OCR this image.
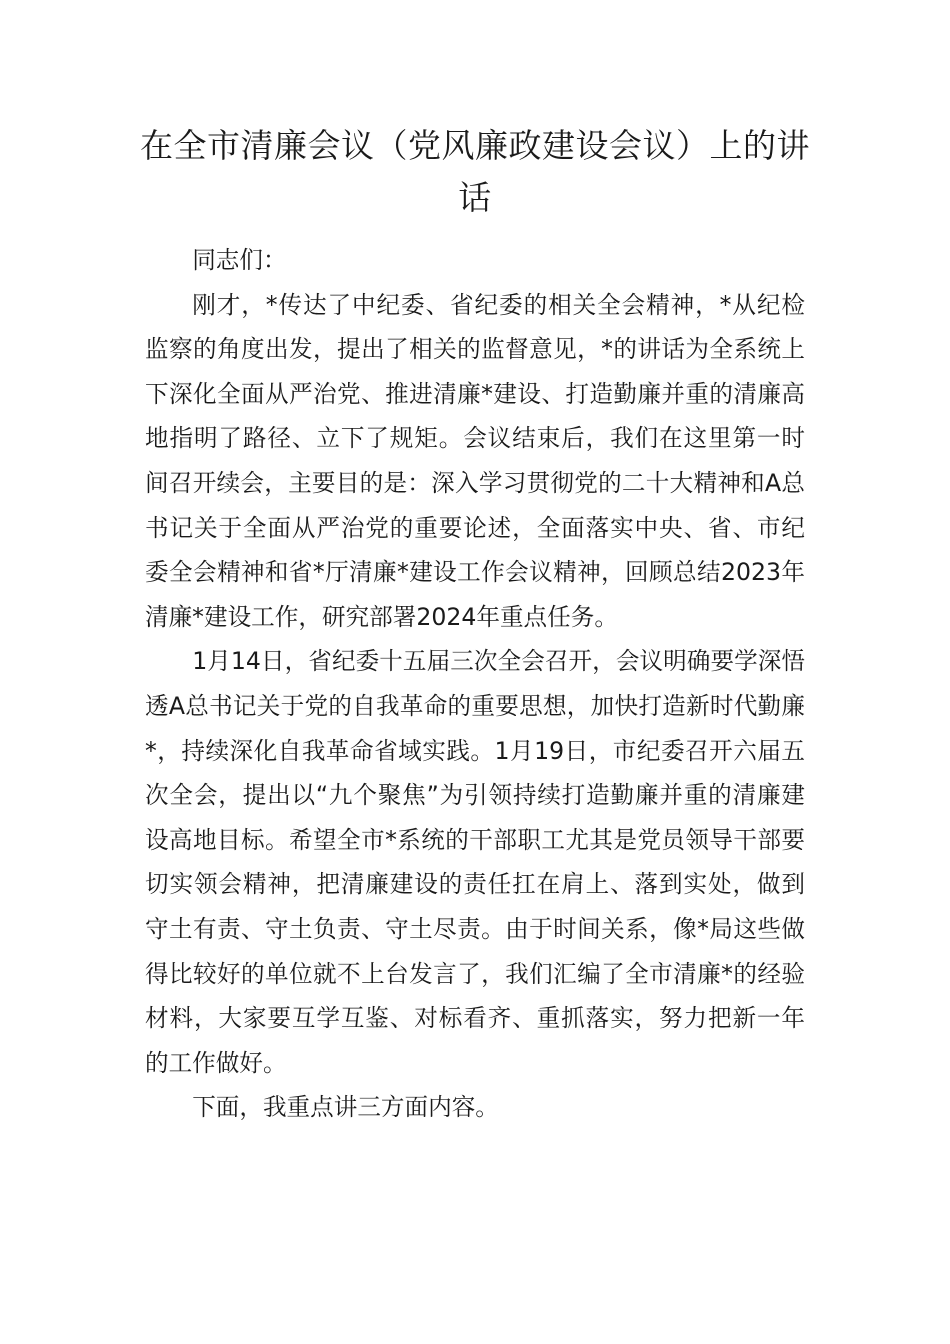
在全市清廉会议（党风廉政建设会议）上的讲话

同志们：

刚才，*传达了中纪委、省纪委的相关全会精神，*从纪检监察的角度出发，提出了相关的监督意见，*的讲话为全系统上下深化全面从严治党、推进清廉*建设、打造勤廉并重的清廉高地指明了路径、立下了规矩。会议结束后，我们在这里第一时间召开续会，主要目的是：深入学习贯彻党的二十大精神和A总书记关于全面从严治党的重要论述，全面落实中央、省、市纪委全会精神和省*厅清廉*建设工作会议精神，回顾总结2023年清廉*建设工作，研究部署2024年重点任务。

1月14日，省纪委十五届三次全会召开，会议明确要学深悟透A总书记关于党的自我革命的重要思想，加快打造新时代勤廉*，持续深化自我革命省域实践。1月19日，市纪委召开六届五次全会，提出以“九个聚焦”为引领持续打造勤廉并重的清廉建设高地目标。希望全市*系统的干部职工尤其是党员领导干部要切实领会精神，把清廉建设的责任扛在肩上、落到实处，做到守土有责、守土负责、守土尽责。由于时间关系，像*局这些做得比较好的单位就不上台发言了，我们汇编了全市清廉*的经验材料，大家要互学互鉴、对标看齐、重抓落实，努力把新一年的工作做好。

下面，我重点讲三方面内容。
